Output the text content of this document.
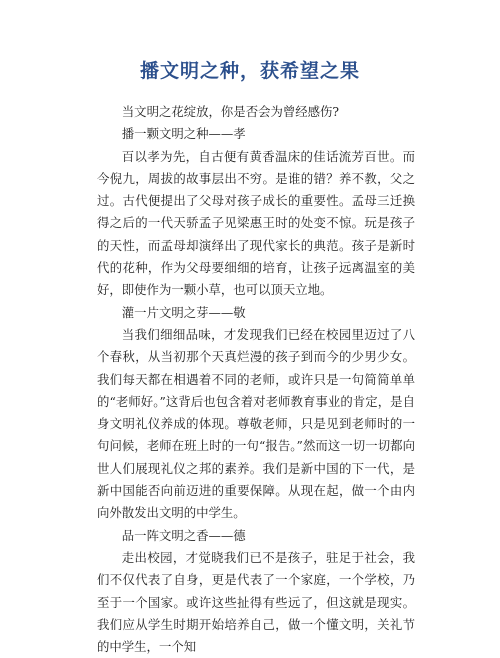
播文明之种，获希望之果

当文明之花绽放，你是否会为曾经感伤?

播一颗文明之种——孝

百以孝为先，自古便有黄香温床的佳话流芳百世。而今倪九，周拔的故事层出不穷。是谁的错？养不教，父之过。古代便提出了父母对孩子成长的重要性。孟母三迁换得之后的一代天骄孟子见梁惠王时的处变不惊。玩是孩子的天性，而孟母却演绎出了现代家长的典范。孩子是新时代的花种，作为父母要细细的培育，让孩子远离温室的美好，即使作为一颗小草，也可以顶天立地。

灌一片文明之芽——敬

当我们细细品味，才发现我们已经在校园里迈过了八个春秋，从当初那个天真烂漫的孩子到而今的少男少女。我们每天都在相遇着不同的老师，或许只是一句简简单单的“老师好。”这背后也包含着对老师教育事业的肯定，是自身文明礼仪养成的体现。尊敬老师，只是见到老师时的一句问候，老师在班上时的一句“报告。”然而这一切一切都向世人们展现礼仪之邦的素养。我们是新中国的下一代，是新中国能否向前迈进的重要保障。从现在起，做一个由内向外散发出文明的中学生。

品一阵文明之香——德

走出校园，才觉晓我们已不是孩子，驻足于社会，我们不仅代表了自身，更是代表了一个家庭，一个学校，乃至于一个国家。或许这些扯得有些远了，但这就是现实。我们应从学生时期开始培养自己，做一个懂文明，关礼节的中学生，一个知
